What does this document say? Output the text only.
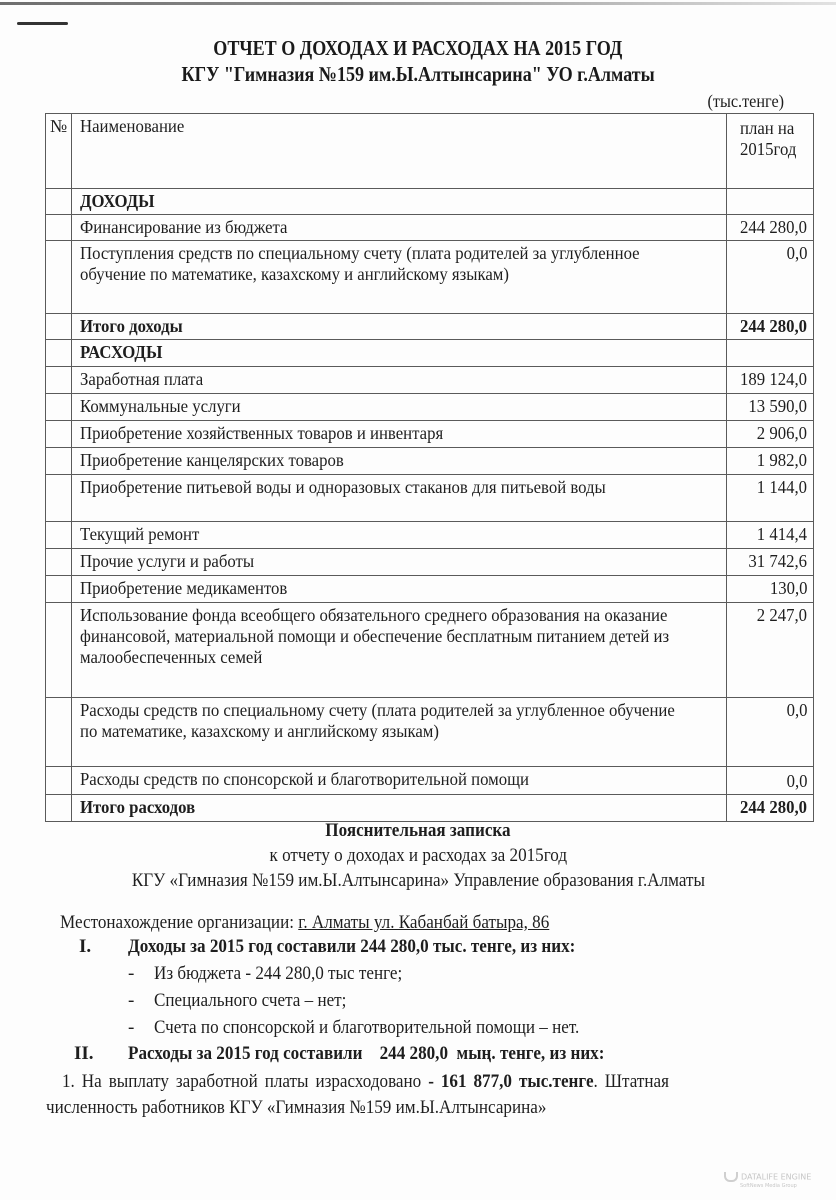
ОТЧЕТ О ДОХОДАХ И РАСХОДАХ НА 2015 ГОД
КГУ "Гимназия №159 им.Ы.Алтынсарина" УО г.Алматы
(тыс.тенге)
№	Наименование	план на
2015год

	ДОХОДЫ	
	Финансирование из бюджета	244 280,0
	Поступления средств по специальному счету (плата родителей за углубленное обучение по математике, казахскому и английскому языкам)	0,0
	Итого доходы	244 280,0
	РАСХОДЫ	
	Заработная плата	189 124,0
	Коммунальные услуги	13 590,0
	Приобретение хозяйственных товаров и инвентаря	2 906,0
	Приобретение канцелярских товаров	1 982,0
	Приобретение питьевой воды и одноразовых стаканов для питьевой воды	1 144,0
	Текущий ремонт	1 414,4
	Прочие услуги и работы	31 742,6
	Приобретение медикаментов	130,0
	Использование фонда всеобщего обязательного среднего образования на оказание финансовой, материальной помощи и обеспечение бесплатным питанием детей из малообеспеченных семей	2 247,0
	Расходы средств по специальному счету (плата родителей за углубленное обучение по математике, казахскому и английскому языкам)	0,0
	Расходы средств по спонсорской и благотворительной помощи	0,0
	Итого расходов	244 280,0
Пояснительная записка
к отчету о доходах и расходах за 2015год
КГУ «Гимназия №159 им.Ы.Алтынсарина» Управление образования г.Алматы
Местонахождение организации: г. Алматы ул. Кабанбай батыра, 86
I. Доходы за 2015 год составили 244 280,0 тыс. тенге, из них:
- Из бюджета - 244 280,0 тыс тенге;
- Специального счета – нет;
- Счета по спонсорской и благотворительной помощи – нет.
II. Расходы за 2015 год составили    244 280,0  мың. тенге, из них:
1. На выплату заработной платы израсходовано - 161 877,0 тыс.тенге. Штатная
численность работников КГУ «Гимназия №159 им.Ы.Алтынсарина»
DATALIFE ENGINE
SoftNews Media Group
